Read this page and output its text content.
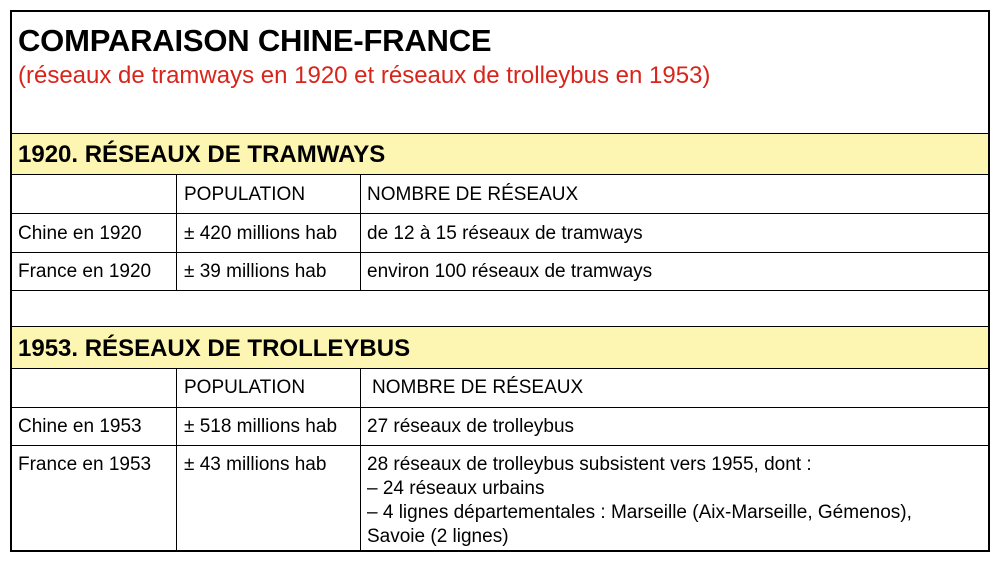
COMPARAISON CHINE-FRANCE
(réseaux de tramways en 1920 et réseaux de trolleybus en 1953)
1920. RÉSEAUX DE TRAMWAYS
POPULATION	NOMBRE DE RÉSEAUX
Chine en 1920 ± 420 millions hab de 12 à 15 réseaux de tramways
France en 1920 ± 39 millions hab environ 100 réseaux de tramways
1953. RÉSEAUX DE TROLLEYBUS
POPULATION	NOMBRE DE RÉSEAUX
Chine en 1953 ± 518 millions hab 27 réseaux de trolleybus
France en 1953 ± 43 millions hab 28 réseaux de trolleybus subsistent vers 1955, dont :
– 24 réseaux urbains
– 4 lignes départementales : Marseille (Aix-Marseille, Gémenos),
Savoie (2 lignes)
